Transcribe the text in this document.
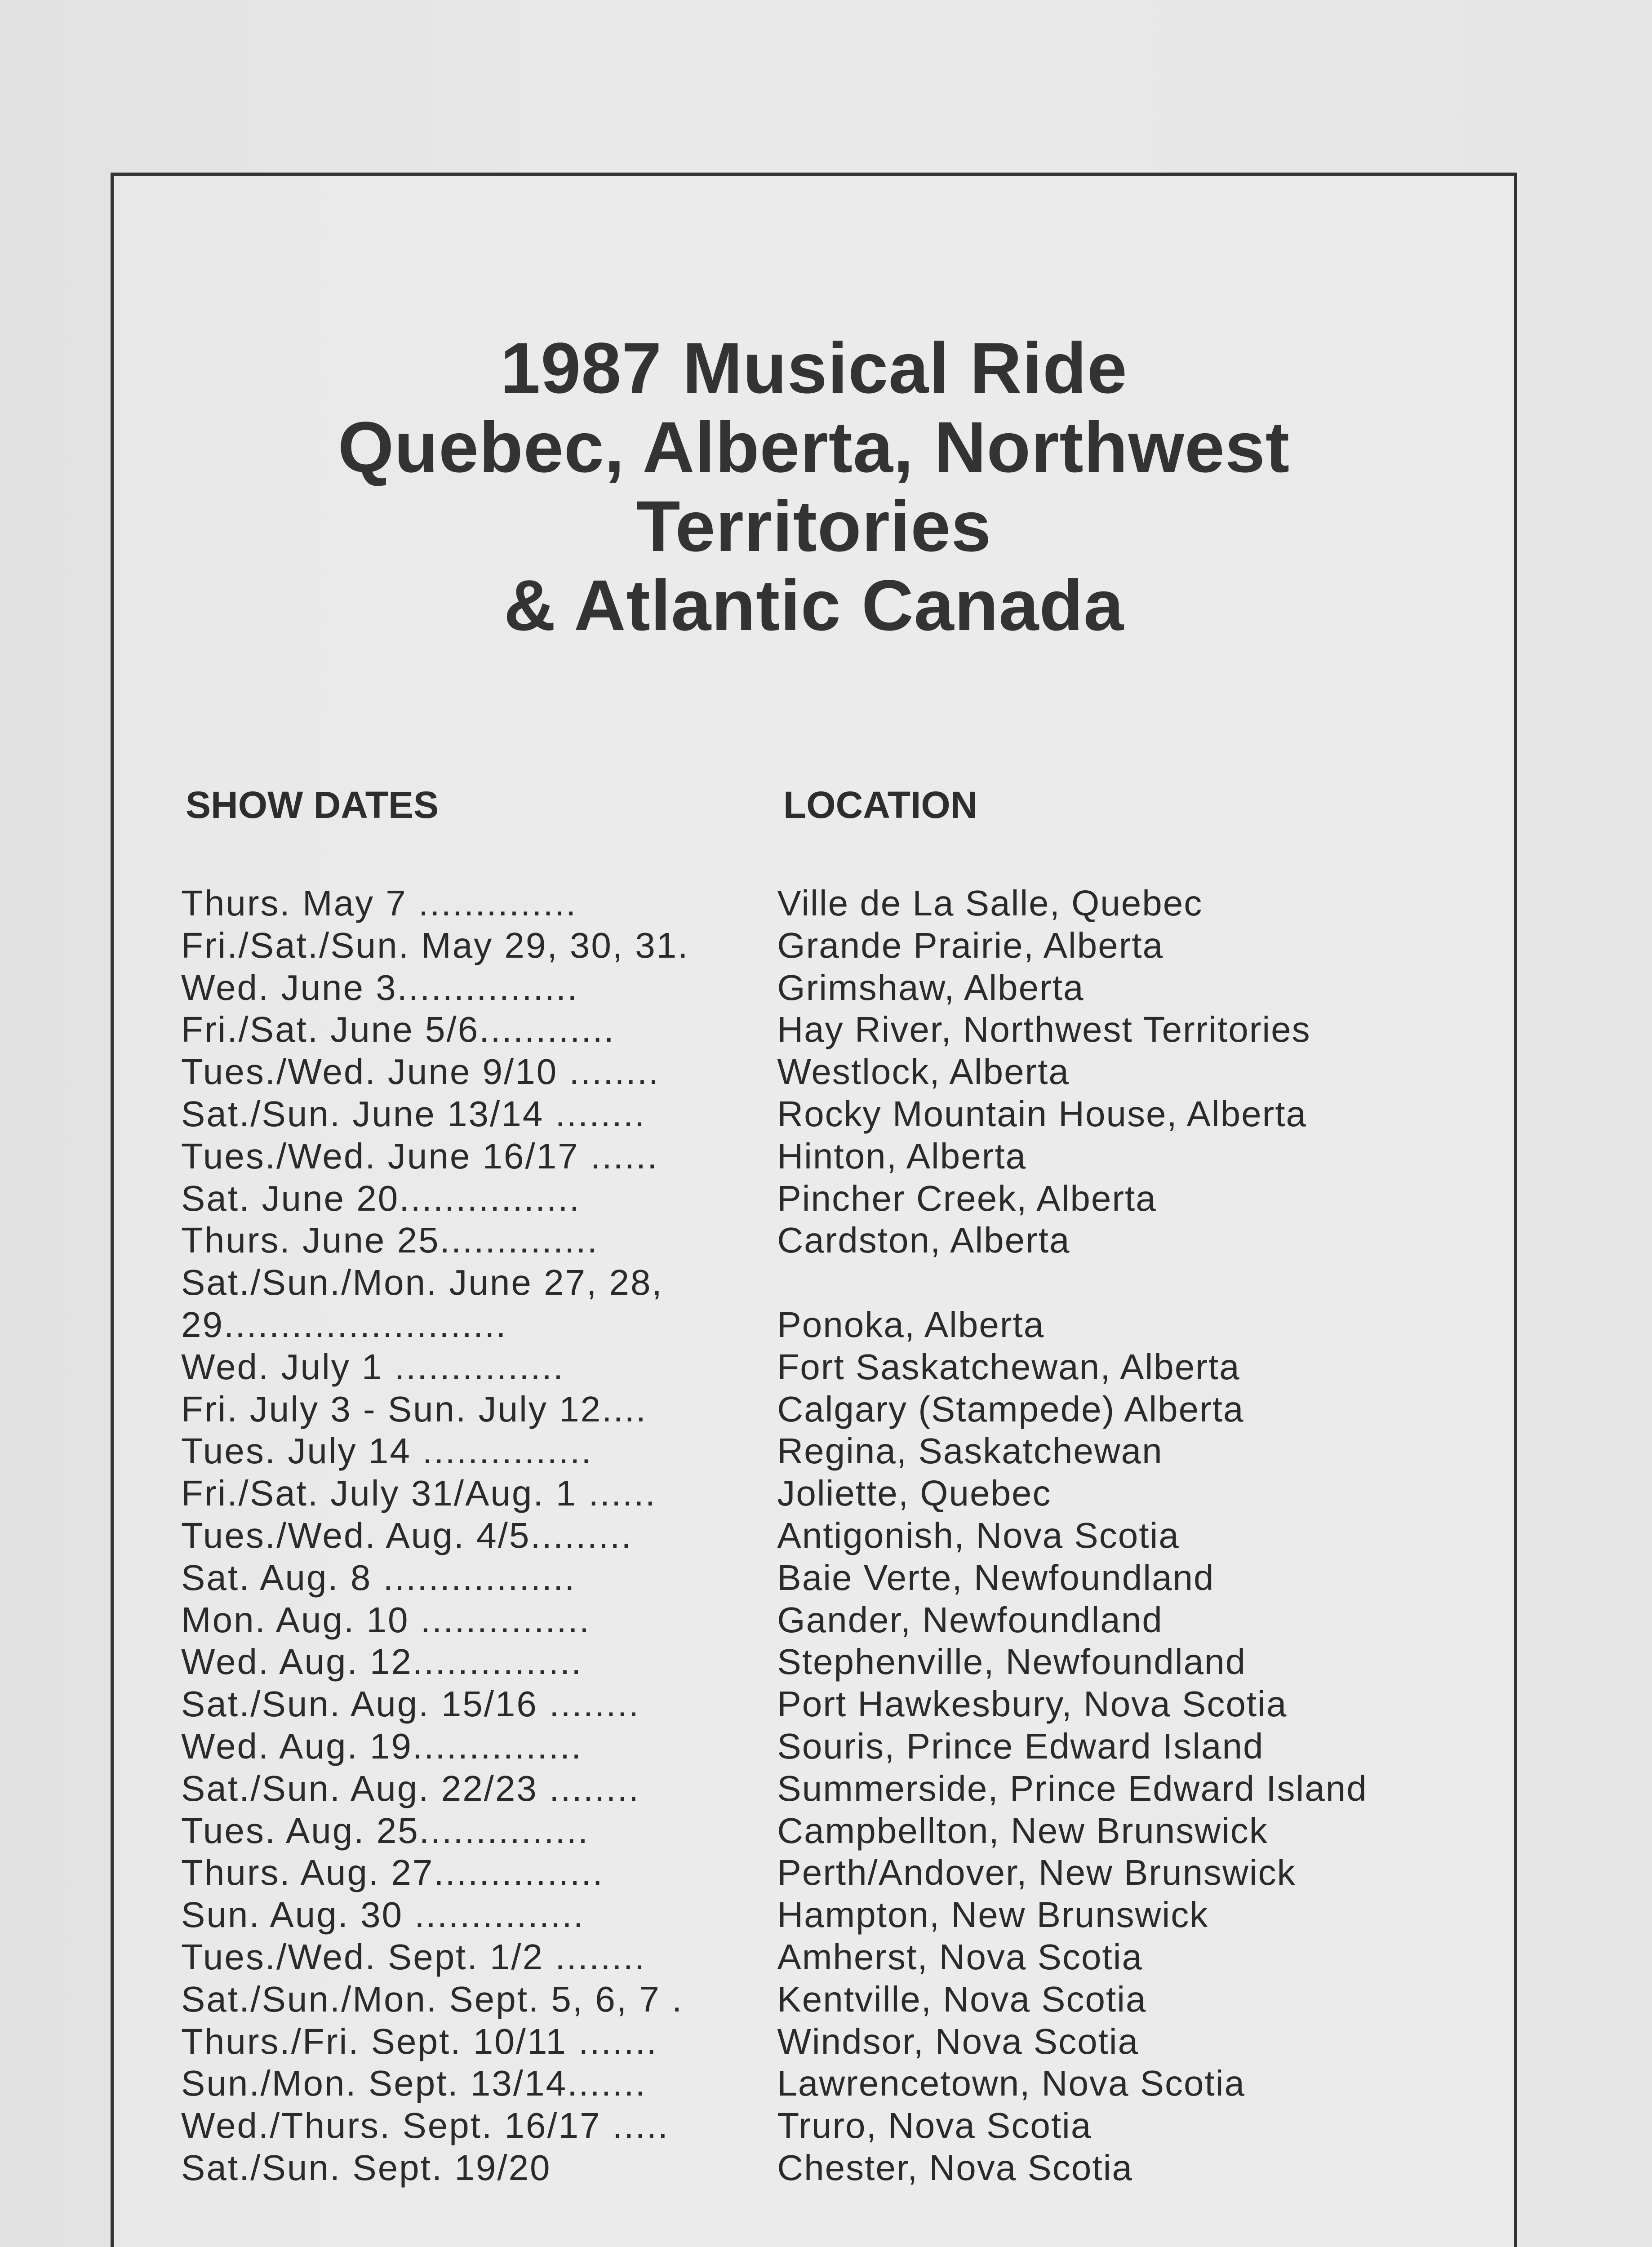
1987 Musical Ride
Quebec, Alberta, Northwest
Territories
& Atlantic Canada
SHOW DATES	LOCATION
Thurs. May 7 ..............	Ville de La Salle, Quebec
Fri./Sat./Sun. May 29, 30, 31.	Grande Prairie, Alberta
Wed. June 3................	Grimshaw, Alberta
Fri./Sat. June 5/6............	Hay River, Northwest Territories
Tues./Wed. June 9/10 ........	Westlock, Alberta
Sat./Sun. June 13/14 ........	Rocky Mountain House, Alberta
Tues./Wed. June 16/17 ......	Hinton, Alberta
Sat. June 20................	Pincher Creek, Alberta
Thurs. June 25..............	Cardston, Alberta
Sat./Sun./Mon. June 27, 28, 29.........................	Ponoka, Alberta
Wed. July 1 ...............	Fort Saskatchewan, Alberta
Fri. July 3 - Sun. July 12....	Calgary (Stampede) Alberta
Tues. July 14 ...............	Regina, Saskatchewan
Fri./Sat. July 31/Aug. 1 ......	Joliette, Quebec
Tues./Wed. Aug. 4/5.........	Antigonish, Nova Scotia
Sat. Aug. 8 .................	Baie Verte, Newfoundland
Mon. Aug. 10 ...............	Gander, Newfoundland
Wed. Aug. 12...............	Stephenville, Newfoundland
Sat./Sun. Aug. 15/16 ........	Port Hawkesbury, Nova Scotia
Wed. Aug. 19...............	Souris, Prince Edward Island
Sat./Sun. Aug. 22/23 ........	Summerside, Prince Edward Island
Tues. Aug. 25...............	Campbellton, New Brunswick
Thurs. Aug. 27...............	Perth/Andover, New Brunswick
Sun. Aug. 30 ...............	Hampton, New Brunswick
Tues./Wed. Sept. 1/2 ........	Amherst, Nova Scotia
Sat./Sun./Mon. Sept. 5, 6, 7 .	Kentville, Nova Scotia
Thurs./Fri. Sept. 10/11 .......	Windsor, Nova Scotia
Sun./Mon. Sept. 13/14.......	Lawrencetown, Nova Scotia
Wed./Thurs. Sept. 16/17 .....	Truro, Nova Scotia
Sat./Sun. Sept. 19/20	Chester, Nova Scotia
